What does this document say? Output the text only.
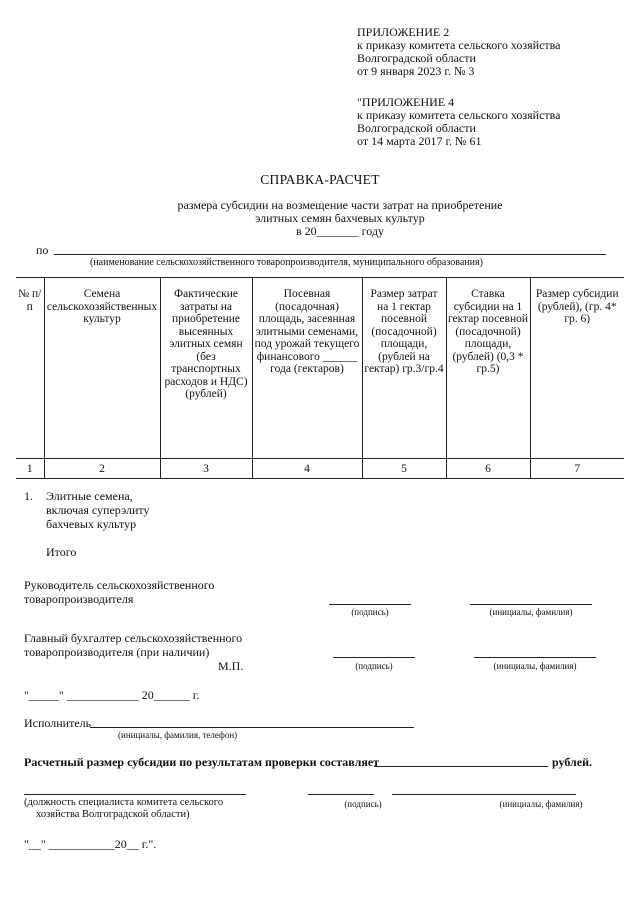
ПРИЛОЖЕНИЕ 2
к приказу комитета сельского хозяйства
Волгоградской области
от 9 января 2023 г. № 3
"ПРИЛОЖЕНИЕ 4
к приказу комитета сельского хозяйства
Волгоградской области
от 14 марта 2017 г. № 61
СПРАВКА-РАСЧЕТ
размера субсидии на возмещение части затрат на приобретение
элитных семян бахчевых культур
в 20_______ году
по
(наименование сельскохозяйственного товаропроизводителя, муниципального образования)
№ п/п	Семена сельскохозяйственных культур	Фактические затраты на приобретение высеянных элитных семян (без транспортных расходов и НДС) (рублей)	Посевная (посадочная) площадь, засеянная элитными семенами, под урожай текущего финансового ______ года (гектаров)	Размер затрат на 1 гектар посевной (посадочной) площади, (рублей на гектар) гр.3/гр.4	Ставка субсидии на 1 гектар посевной (посадочной) площади, (рублей) (0,3 * гр.5)	Размер субсидии (рублей), (гр. 4* гр. 6)
1	2	3	4	5	6	7
1. Элитные семена,
включая суперэлиту
бахчевых культур
Итого
Руководитель сельскохозяйственного
товаропроизводителя
(подпись)	(инициалы, фамилия)
Главный бухгалтер сельскохозяйственного
товаропроизводителя (при наличии)
М.П.	(подпись)	(инициалы, фамилия)
"_____" ____________ 20______ г.
Исполнитель
(инициалы, фамилия, телефон)
Расчетный размер субсидии по результатам проверки составляет	рублей.
(должность специалиста комитета сельского
хозяйства Волгоградской области)
(подпись)	(инициалы, фамилия)
"__" ___________20__ г.".
